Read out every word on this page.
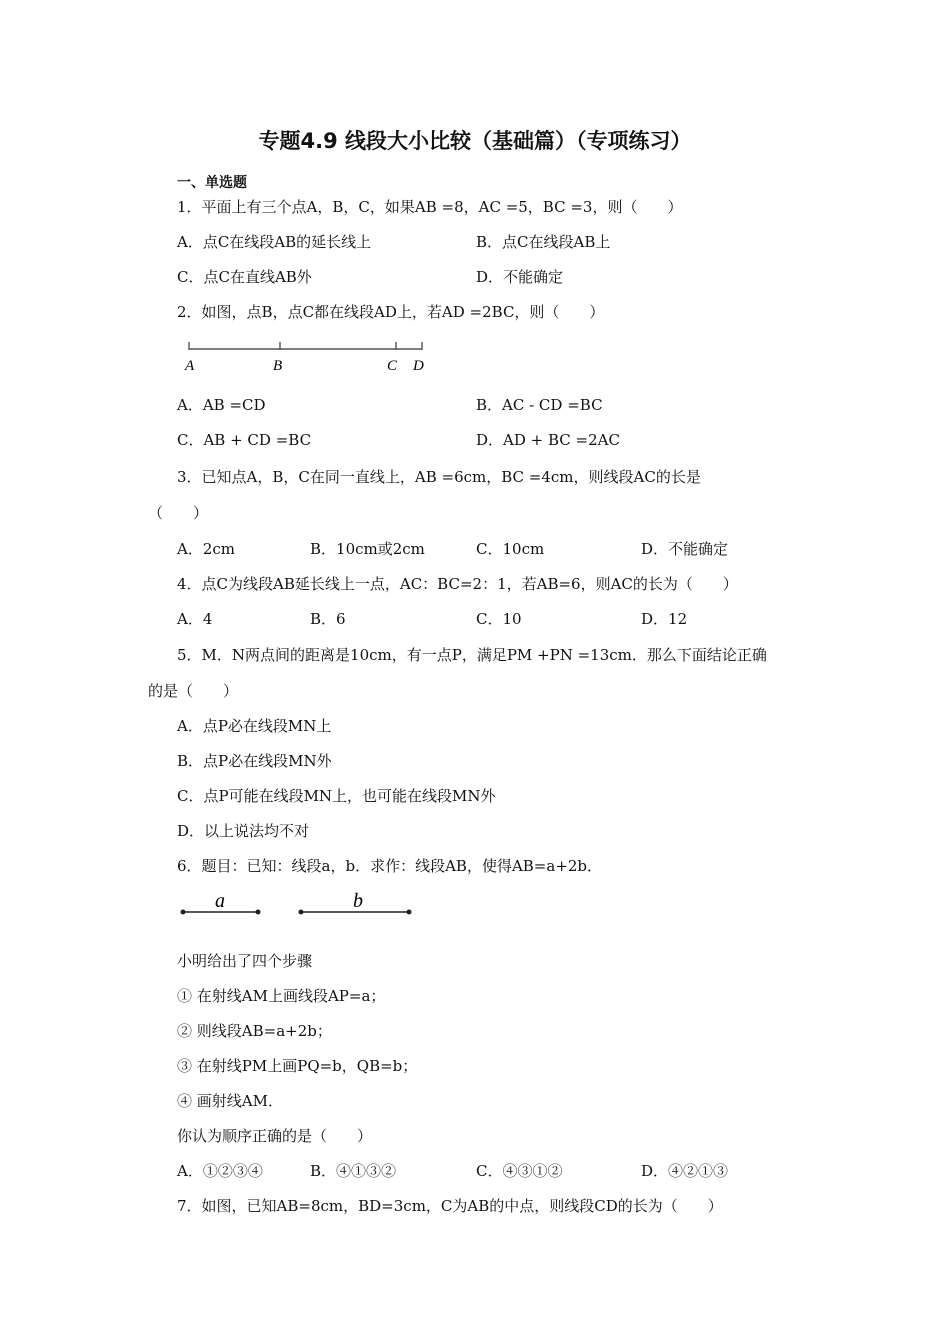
专题4.9 线段大小比较（基础篇）（专项练习）
一、单选题
1．平面上有三个点A，B，C，如果AB =8，AC =5，BC =3，则（　　）
A．点C在线段AB的延长线上	B．点C在线段AB上
C．点C在直线AB外	D．不能确定
2．如图，点B，点C都在线段AD上，若AD =2BC，则（　　）
A	B	C D
A．AB =CD	B．AC - CD =BC
C．AB + CD =BC	D．AD + BC =2AC
3．已知点A，B，C在同一直线上，AB =6cm，BC =4cm，则线段AC的长是
（　　）
A．2cm	B．10cm或2cm	C．10cm	D．不能确定
4．点C为线段AB延长线上一点，AC：BC=2：1，若AB=6，则AC的长为（　　）
A．4	B．6	C．10	D．12
5．M．N两点间的距离是10cm，有一点P，满足PM +PN =13cm．那么下面结论正确
的是（　　）
A．点P必在线段MN上
B．点P必在线段MN外
C．点P可能在线段MN上，也可能在线段MN外
D．以上说法均不对
6．题目：已知：线段a，b．求作：线段AB，使得AB=a+2b．
a	b
小明给出了四个步骤
① 在射线AM上画线段AP=a；
② 则线段AB=a+2b；
③ 在射线PM上画PQ=b，QB=b；
④ 画射线AM．
你认为顺序正确的是（　　）
A．①②③④	B．④①③②	C．④③①②	D．④②①③
7．如图，已知AB=8cm，BD=3cm，C为AB的中点，则线段CD的长为（　　）
